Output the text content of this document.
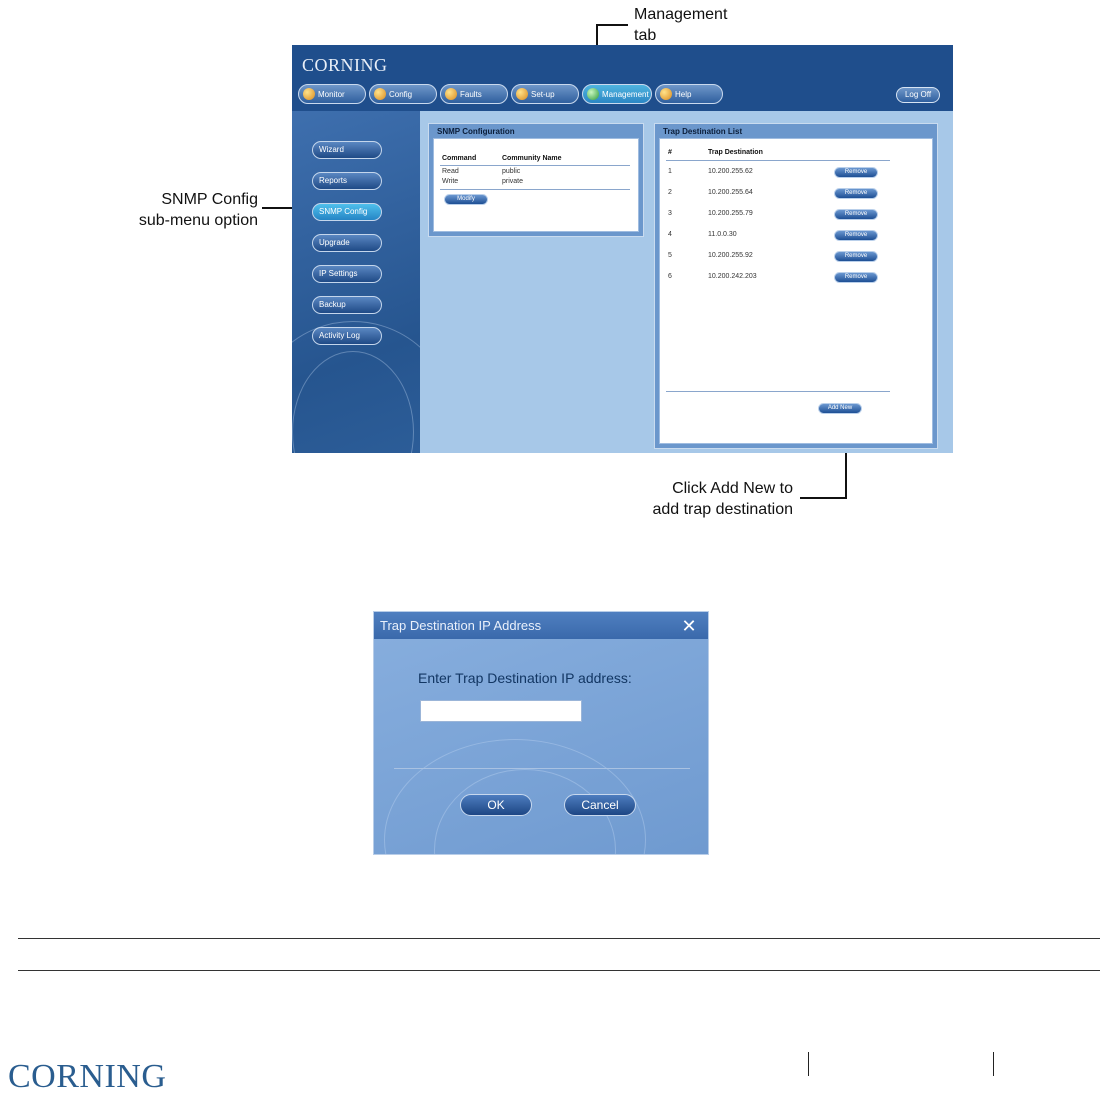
Management
tab
SNMP Config
sub-menu option
Click Add New to
add trap destination
CORNING
Monitor	Config	Faults	Set-up	Management	Help	Log Off
Wizard
Reports
SNMP Config
Upgrade
IP Settings
Backup
Activity Log
SNMP Configuration
Command	Community Name
Read	public
Write	private
Modify
Trap Destination List
#	Trap Destination
1	10.200.255.62	Remove
2	10.200.255.64	Remove
3	10.200.255.79	Remove
4	11.0.0.30	Remove
5	10.200.255.92	Remove
6	10.200.242.203	Remove
Add New
Trap Destination IP Address	✕
Enter Trap Destination IP address:
OK	Cancel
CORNING
